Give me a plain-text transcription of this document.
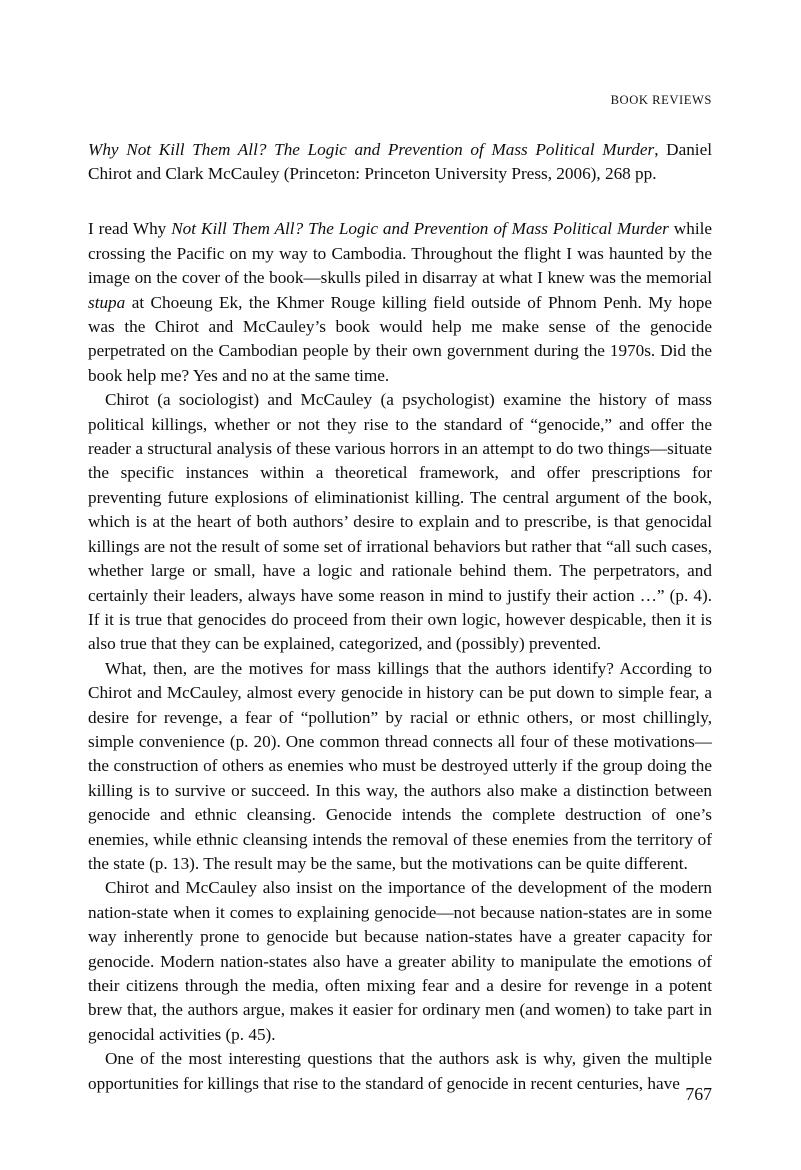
BOOK REVIEWS
Why Not Kill Them All? The Logic and Prevention of Mass Political Murder, Daniel Chirot and Clark McCauley (Princeton: Princeton University Press, 2006), 268 pp.

I read Why Not Kill Them All? The Logic and Prevention of Mass Political Murder while crossing the Pacific on my way to Cambodia. Throughout the flight I was haunted by the image on the cover of the book—skulls piled in disarray at what I knew was the memorial stupa at Choeung Ek, the Khmer Rouge killing field outside of Phnom Penh. My hope was the Chirot and McCauley’s book would help me make sense of the genocide perpetrated on the Cambodian people by their own government during the 1970s. Did the book help me? Yes and no at the same time.

Chirot (a sociologist) and McCauley (a psychologist) examine the history of mass political killings, whether or not they rise to the standard of “genocide,” and offer the reader a structural analysis of these various horrors in an attempt to do two things—situate the specific instances within a theoretical framework, and offer prescriptions for preventing future explosions of eliminationist killing. The central argument of the book, which is at the heart of both authors’ desire to explain and to prescribe, is that genocidal killings are not the result of some set of irrational behaviors but rather that “all such cases, whether large or small, have a logic and rationale behind them. The perpetrators, and certainly their leaders, always have some reason in mind to justify their action …” (p. 4). If it is true that genocides do proceed from their own logic, however despicable, then it is also true that they can be explained, categorized, and (possibly) prevented.

What, then, are the motives for mass killings that the authors identify? According to Chirot and McCauley, almost every genocide in history can be put down to simple fear, a desire for revenge, a fear of “pollution” by racial or ethnic others, or most chillingly, simple convenience (p. 20). One common thread connects all four of these motivations—the construction of others as enemies who must be destroyed utterly if the group doing the killing is to survive or succeed. In this way, the authors also make a distinction between genocide and ethnic cleansing. Genocide intends the complete destruction of one’s enemies, while ethnic cleansing intends the removal of these enemies from the territory of the state (p. 13). The result may be the same, but the motivations can be quite different.

Chirot and McCauley also insist on the importance of the development of the modern nation-state when it comes to explaining genocide—not because nation-states are in some way inherently prone to genocide but because nation-states have a greater capacity for genocide. Modern nation-states also have a greater ability to manipulate the emotions of their citizens through the media, often mixing fear and a desire for revenge in a potent brew that, the authors argue, makes it easier for ordinary men (and women) to take part in genocidal activities (p. 45).

One of the most interesting questions that the authors ask is why, given the multiple opportunities for killings that rise to the standard of genocide in recent centuries, have

767
